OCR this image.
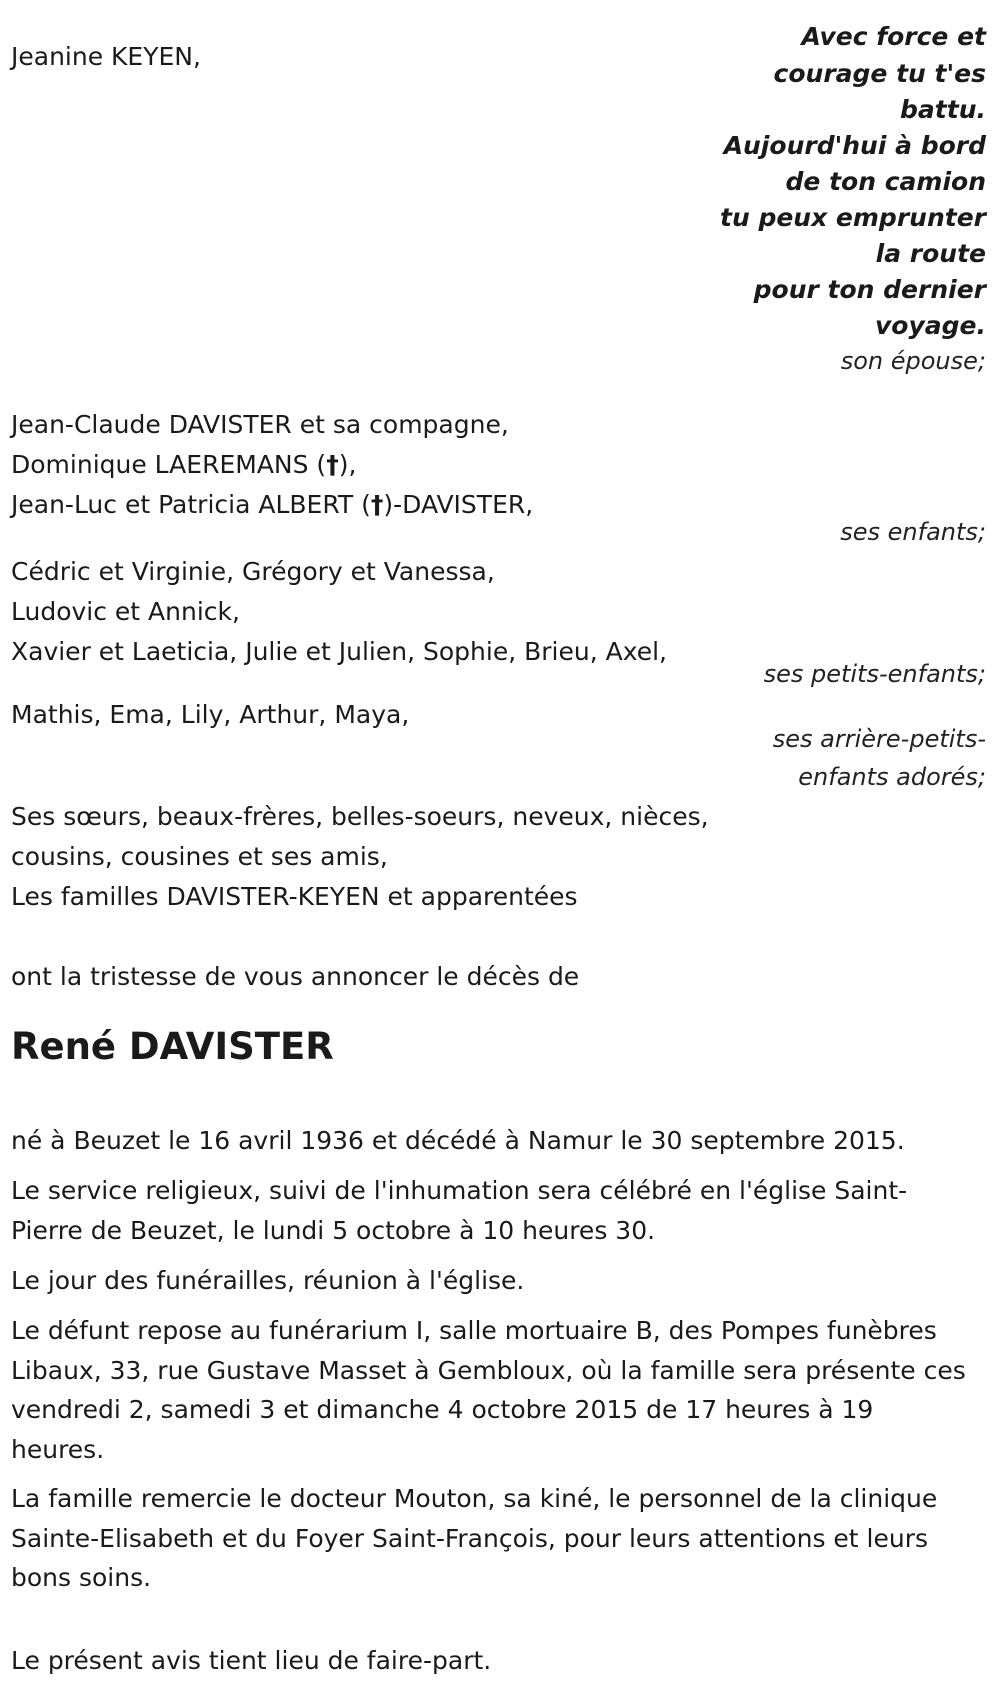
Jeanine KEYEN,
Avec force et
courage tu t'es
battu.
Aujourd'hui à bord
de ton camion
tu peux emprunter
la route
pour ton dernier
voyage.
son épouse;
Jean-Claude DAVISTER et sa compagne,
Dominique LAEREMANS (†),
Jean-Luc et Patricia ALBERT (†)-DAVISTER,
ses enfants;
Cédric et Virginie, Grégory et Vanessa,
Ludovic et Annick,
Xavier et Laeticia, Julie et Julien, Sophie, Brieu, Axel,
ses petits-enfants;
Mathis, Ema, Lily, Arthur, Maya,
ses arrière-petits-
enfants adorés;
Ses sœurs, beaux-frères, belles-soeurs, neveux, nièces,
cousins, cousines et ses amis,
Les familles DAVISTER-KEYEN et apparentées
ont la tristesse de vous annoncer le décès de
René DAVISTER
né à Beuzet le 16 avril 1936 et décédé à Namur le 30 septembre 2015.
Le service religieux, suivi de l'inhumation sera célébré en l'église Saint-Pierre de Beuzet, le lundi 5 octobre à 10 heures 30.
Le jour des funérailles, réunion à l'église.
Le défunt repose au funérarium I, salle mortuaire B, des Pompes funèbres Libaux, 33, rue Gustave Masset à Gembloux, où la famille sera présente ces vendredi 2, samedi 3 et dimanche 4 octobre 2015 de 17 heures à 19 heures.
La famille remercie le docteur Mouton, sa kiné, le personnel de la clinique Sainte-Elisabeth et du Foyer Saint-François, pour leurs attentions et leurs bons soins.
Le présent avis tient lieu de faire-part.
